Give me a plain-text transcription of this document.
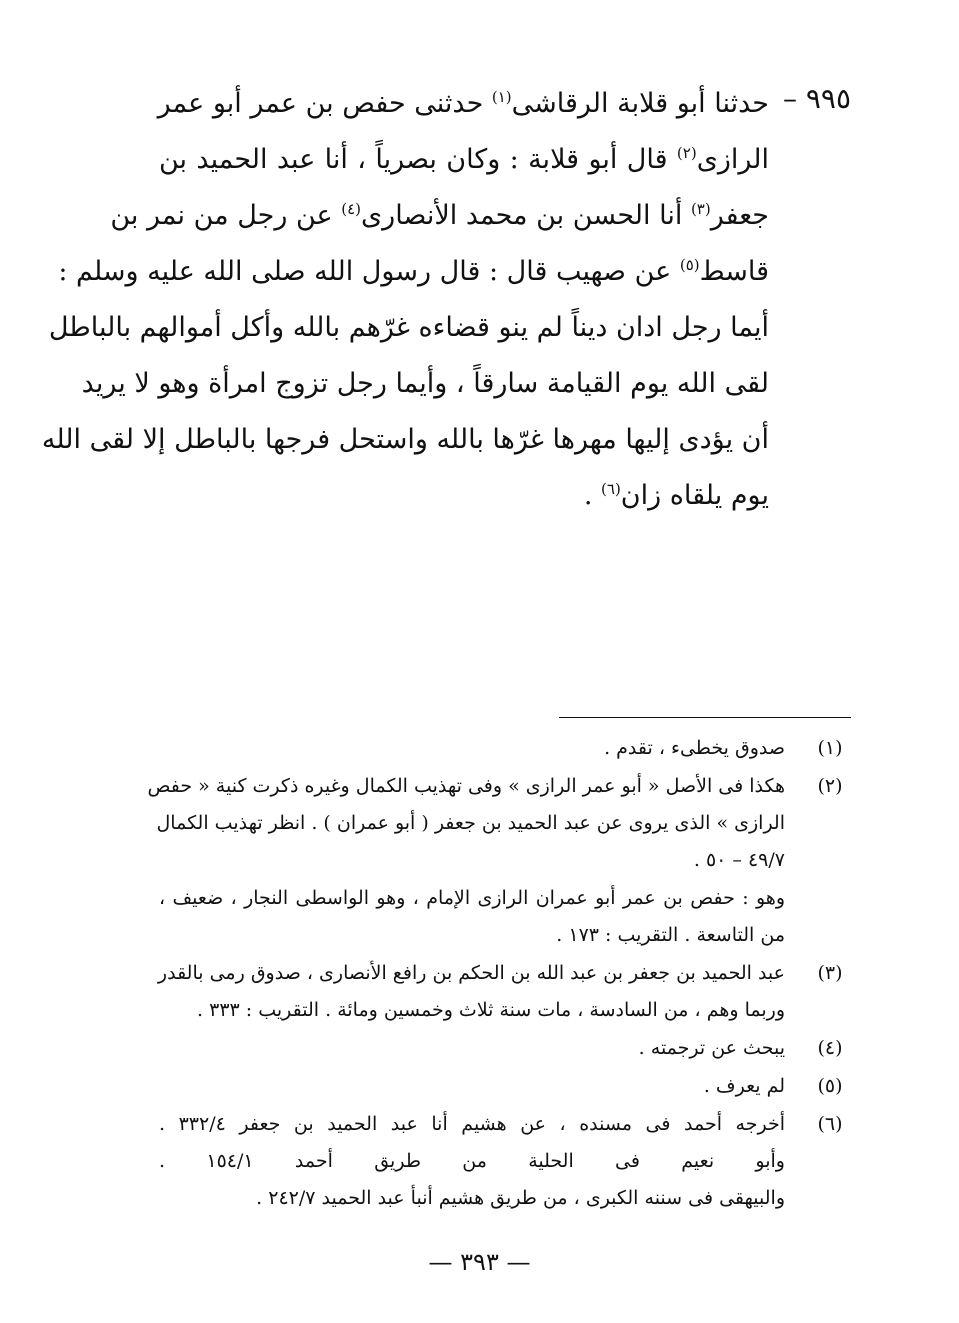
٩٩٥ –
حدثنا أبو قلابة الرقاشى$^{(١)}$ حدثنى حفص بن عمر أبو عمر
الرازى$^{(٢)}$ قال أبو قلابة : وكان بصرياً ، أنا عبد الحميد بن
جعفر$^{(٣)}$ أنا الحسن بن محمد الأنصارى$^{(٤)}$ عن رجل من نمر بن
قاسط$^{(٥)}$ عن صهيب قال : قال رسول الله صلى الله عليه وسلم :
أيما رجل ادان ديناً لم ينو قضاءه غرّهم بالله وأكل أموالهم بالباطل
لقى الله يوم القيامة سارقاً ، وأيما رجل تزوج امرأة وهو لا يريد
أن يؤدى إليها مهرها غرّها بالله واستحل فرجها بالباطل إلا لقى الله
يوم يلقاه زان$^{(٦)}$ .
(١)
صدوق يخطىء ، تقدم .
(٢)
هكذا فى الأصل « أبو عمر الرازى » وفى تهذيب الكمال وغيره ذكرت كنية « حفص
الرازى » الذى يروى عن عبد الحميد بن جعفر ( أبو عمران ) . انظر تهذيب الكمال
٤٩/٧ – ٥٠ .
وهو : حفص بن عمر أبو عمران الرازى الإمام ، وهو الواسطى النجار ، ضعيف ،
من التاسعة . التقريب : ١٧٣ .
(٣)
عبد الحميد بن جعفر بن عبد الله بن الحكم بن رافع الأنصارى ، صدوق رمى بالقدر
وربما وهم ، من السادسة ، مات سنة ثلاث وخمسين ومائة . التقريب : ٣٣٣ .
(٤)
يبحث عن ترجمته .
(٥)
لم يعرف .
(٦)
أخرجه أحمد فى مسنده ، عن هشيم أنا عبد الحميد بن جعفر ٣٣٢/٤ .
وأبو نعيم فى الحلية من طريق أحمد ١٥٤/١ .
والبيهقى فى سننه الكبرى ، من طريق هشيم أنبأ عبد الحميد ٢٤٢/٧ .
— ٣٩٣ —
